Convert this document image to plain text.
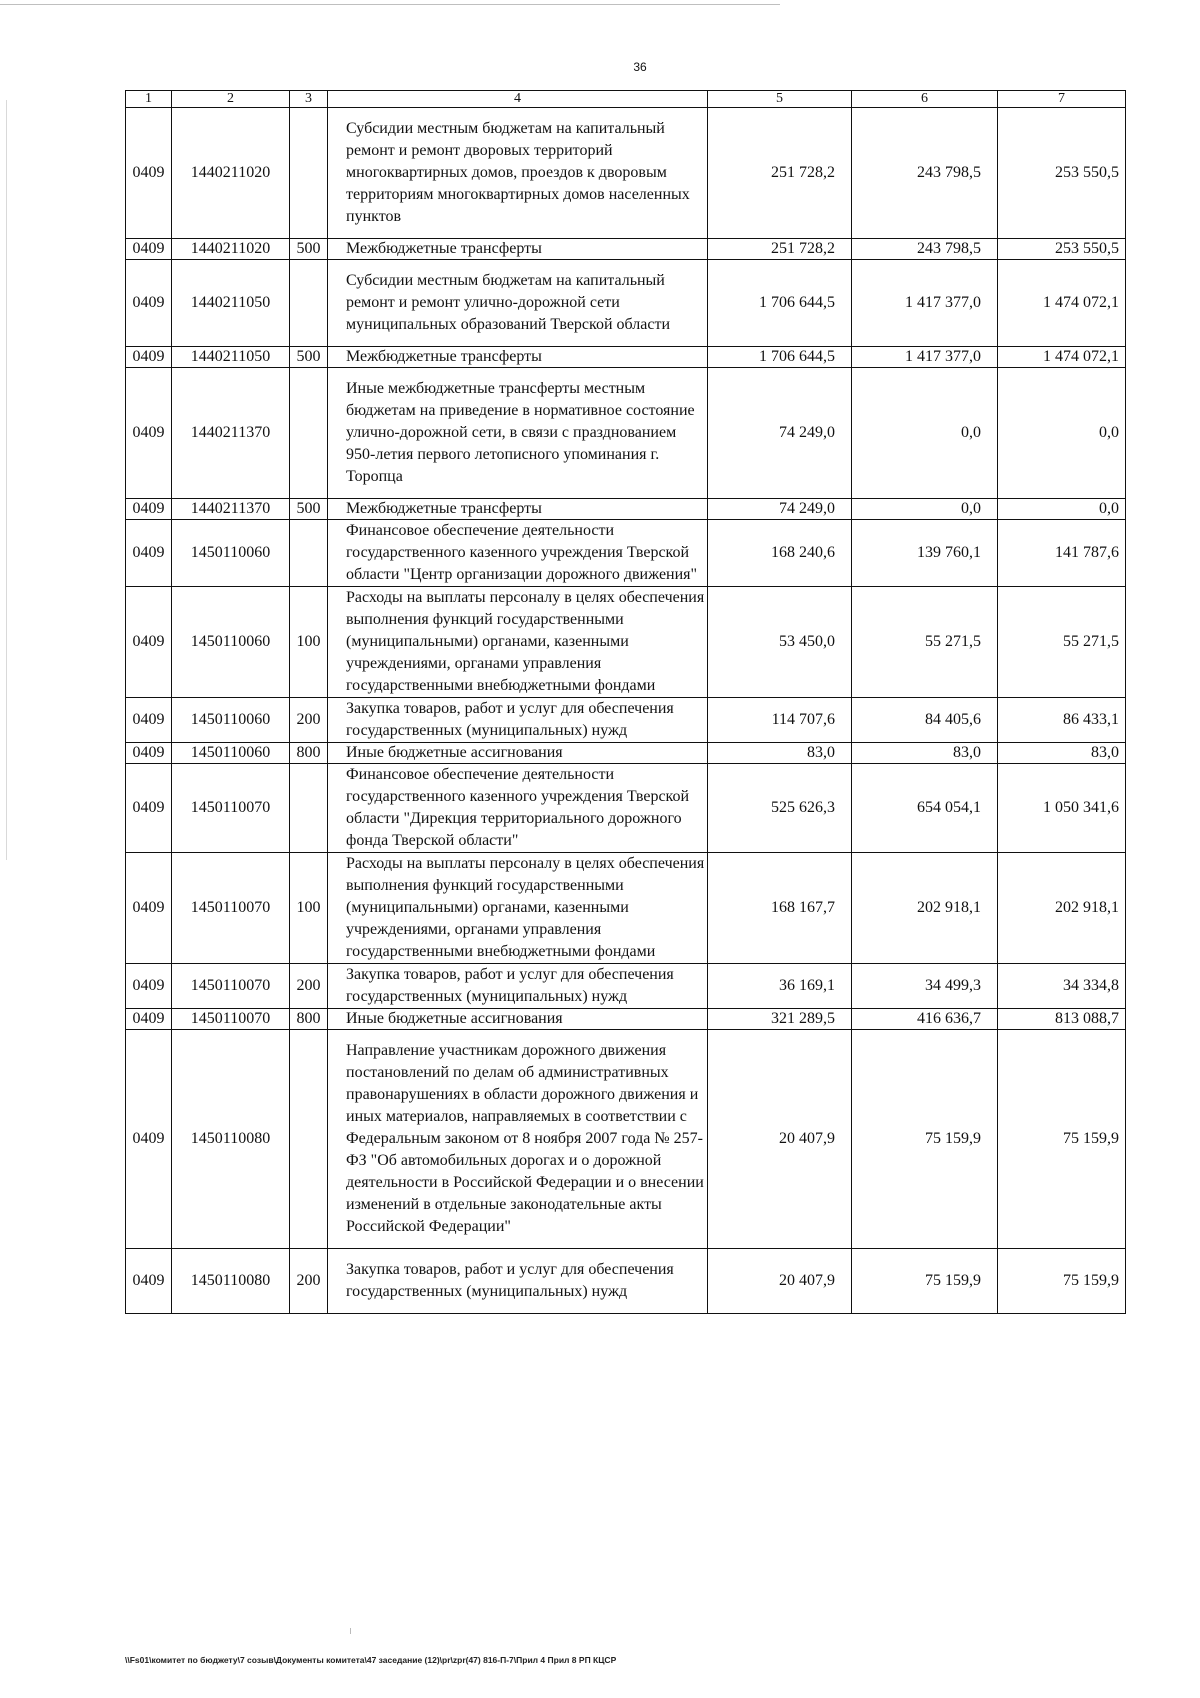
36
1	2	3	4	5	6	7
0409	1440211020		Субсидии местным бюджетам на капитальный ремонт и ремонт дворовых территорий многоквартирных домов, проездов к дворовым территориям многоквартирных домов населенных пунктов	251 728,2	243 798,5	253 550,5
0409	1440211020	500	Межбюджетные трансферты	251 728,2	243 798,5	253 550,5
0409	1440211050		Субсидии местным бюджетам на капитальный ремонт и ремонт улично-дорожной сети муниципальных образований Тверской области	1 706 644,5	1 417 377,0	1 474 072,1
0409	1440211050	500	Межбюджетные трансферты	1 706 644,5	1 417 377,0	1 474 072,1
0409	1440211370		Иные межбюджетные трансферты местным бюджетам на приведение в нормативное состояние улично-дорожной сети, в связи с празднованием 950-летия первого летописного упоминания г. Торопца	74 249,0	0,0	0,0
0409	1440211370	500	Межбюджетные трансферты	74 249,0	0,0	0,0
0409	1450110060		Финансовое обеспечение деятельности государственного казенного учреждения Тверской области "Центр организации дорожного движения"	168 240,6	139 760,1	141 787,6
0409	1450110060	100	Расходы на выплаты персоналу в целях обеспечения выполнения функций государственными (муниципальными) органами, казенными учреждениями, органами управления государственными внебюджетными фондами	53 450,0	55 271,5	55 271,5
0409	1450110060	200	Закупка товаров, работ и услуг для обеспечения государственных (муниципальных) нужд	114 707,6	84 405,6	86 433,1
0409	1450110060	800	Иные бюджетные ассигнования	83,0	83,0	83,0
0409	1450110070		Финансовое обеспечение деятельности государственного казенного учреждения Тверской области "Дирекция территориального дорожного фонда Тверской области"	525 626,3	654 054,1	1 050 341,6
0409	1450110070	100	Расходы на выплаты персоналу в целях обеспечения выполнения функций государственными (муниципальными) органами, казенными учреждениями, органами управления государственными внебюджетными фондами	168 167,7	202 918,1	202 918,1
0409	1450110070	200	Закупка товаров, работ и услуг для обеспечения государственных (муниципальных) нужд	36 169,1	34 499,3	34 334,8
0409	1450110070	800	Иные бюджетные ассигнования	321 289,5	416 636,7	813 088,7
0409	1450110080		Направление участникам дорожного движения постановлений по делам об административных правонарушениях в области дорожного движения и иных материалов, направляемых в соответствии с Федеральным законом от 8 ноября 2007 года № 257-ФЗ "Об автомобильных дорогах и о дорожной деятельности в Российской Федерации и о внесении изменений в отдельные законодательные акты Российской Федерации"	20 407,9	75 159,9	75 159,9
0409	1450110080	200	Закупка товаров, работ и услуг для обеспечения государственных (муниципальных) нужд	20 407,9	75 159,9	75 159,9
\\Fs01\комитет по бюджету\7 созыв\Документы комитета\47 заседание (12)\pr\zpr(47) 816-П-7\Прил 4 Прил 8 РП КЦСР
